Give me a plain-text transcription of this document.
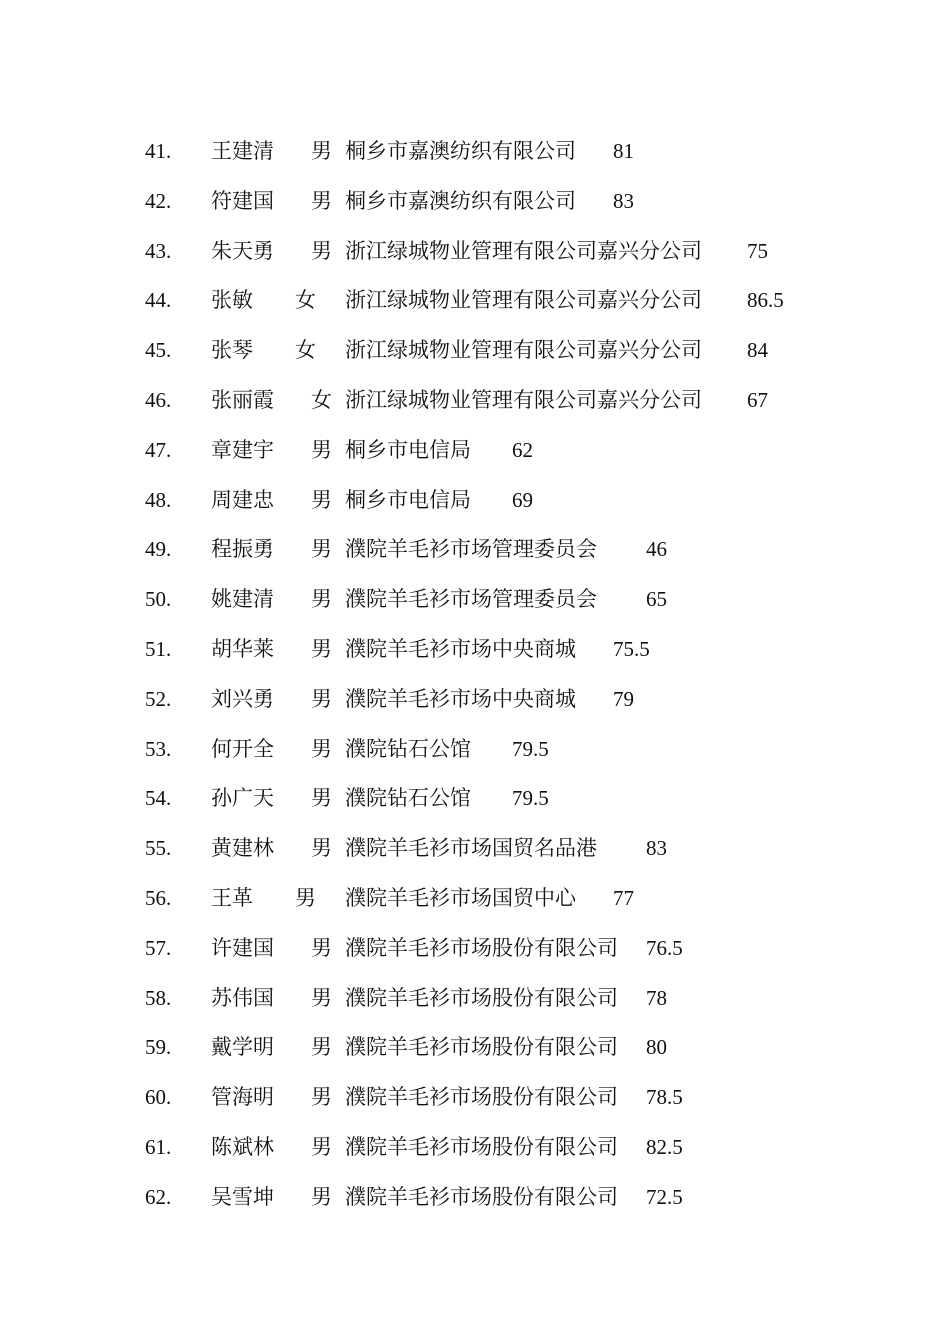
41. 王建清 男 桐乡市嘉澳纺织有限公司 81
42. 符建国 男 桐乡市嘉澳纺织有限公司 83
43. 朱天勇 男 浙江绿城物业管理有限公司嘉兴分公司 75
44. 张敏 女 浙江绿城物业管理有限公司嘉兴分公司 86.5
45. 张琴 女 浙江绿城物业管理有限公司嘉兴分公司 84
46. 张丽霞 女 浙江绿城物业管理有限公司嘉兴分公司 67
47. 章建宇 男 桐乡市电信局 62
48. 周建忠 男 桐乡市电信局 69
49. 程振勇 男 濮院羊毛衫市场管理委员会 46
50. 姚建清 男 濮院羊毛衫市场管理委员会 65
51. 胡华莱 男 濮院羊毛衫市场中央商城 75.5
52. 刘兴勇 男 濮院羊毛衫市场中央商城 79
53. 何开全 男 濮院钻石公馆 79.5
54. 孙广天 男 濮院钻石公馆 79.5
55. 黄建林 男 濮院羊毛衫市场国贸名品港 83
56. 王革 男 濮院羊毛衫市场国贸中心 77
57. 许建国 男 濮院羊毛衫市场股份有限公司 76.5
58. 苏伟国 男 濮院羊毛衫市场股份有限公司 78
59. 戴学明 男 濮院羊毛衫市场股份有限公司 80
60. 管海明 男 濮院羊毛衫市场股份有限公司 78.5
61. 陈斌林 男 濮院羊毛衫市场股份有限公司 82.5
62. 吴雪坤 男 濮院羊毛衫市场股份有限公司 72.5
